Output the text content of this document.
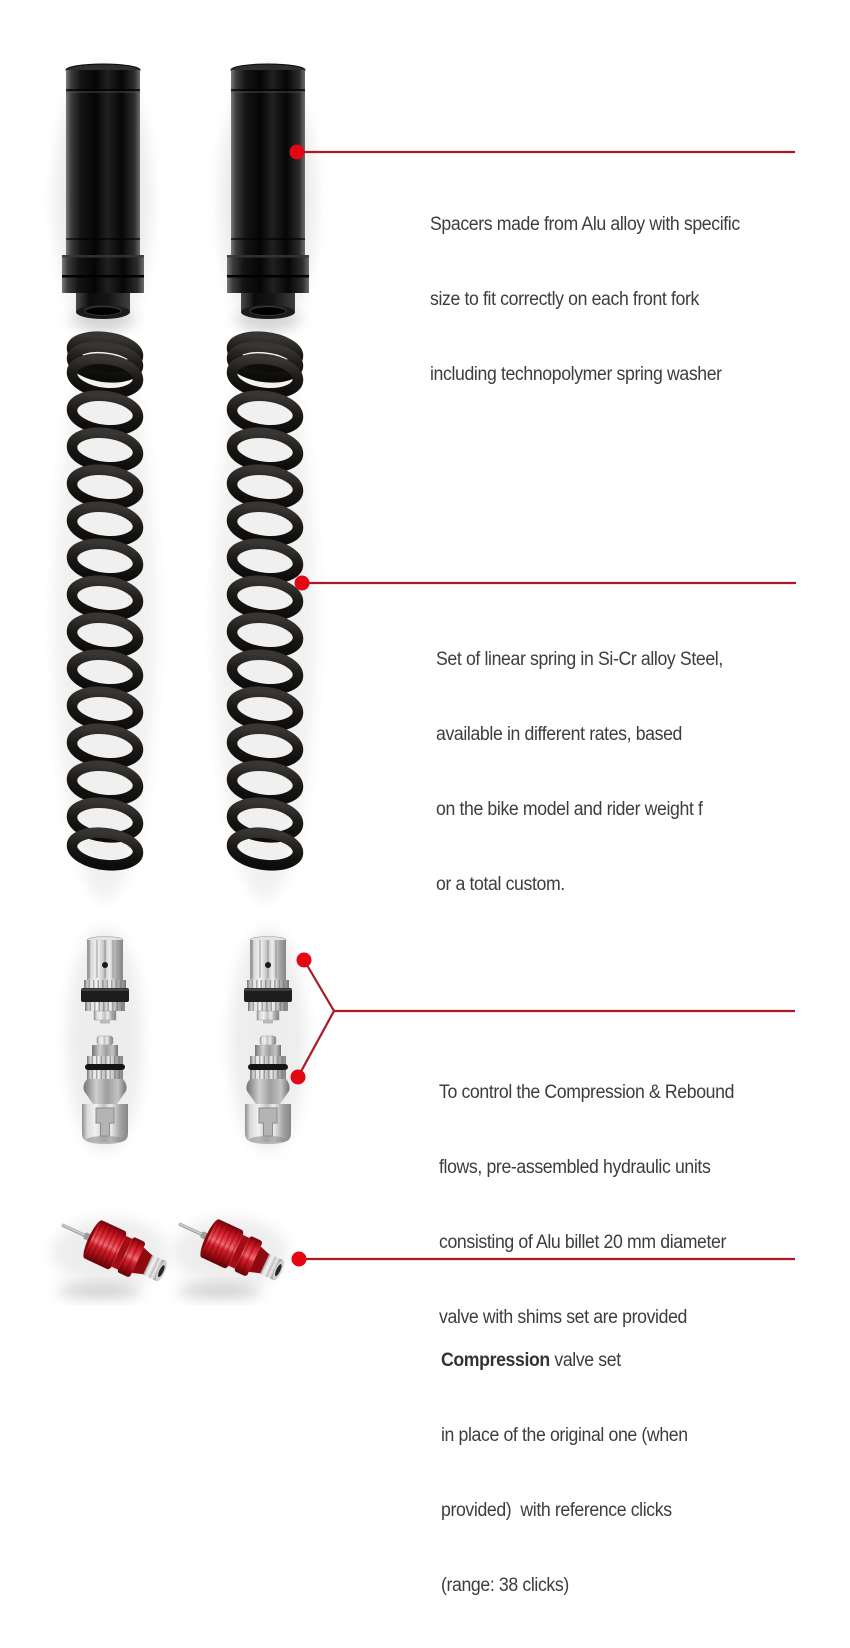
Spacers made from Alu alloy with specific

size to fit correctly on each front fork

including technopolymer spring washer

Set of linear spring in Si-Cr alloy Steel,

available in different rates, based

on the bike model and rider weight f

or a total custom.

To control the Compression & Rebound

flows, pre-assembled hydraulic units

consisting of Alu billet 20 mm diameter

valve with shims set are provided

Compression valve set

in place of the original one (when

provided)  with reference clicks

(range: 38 clicks)
